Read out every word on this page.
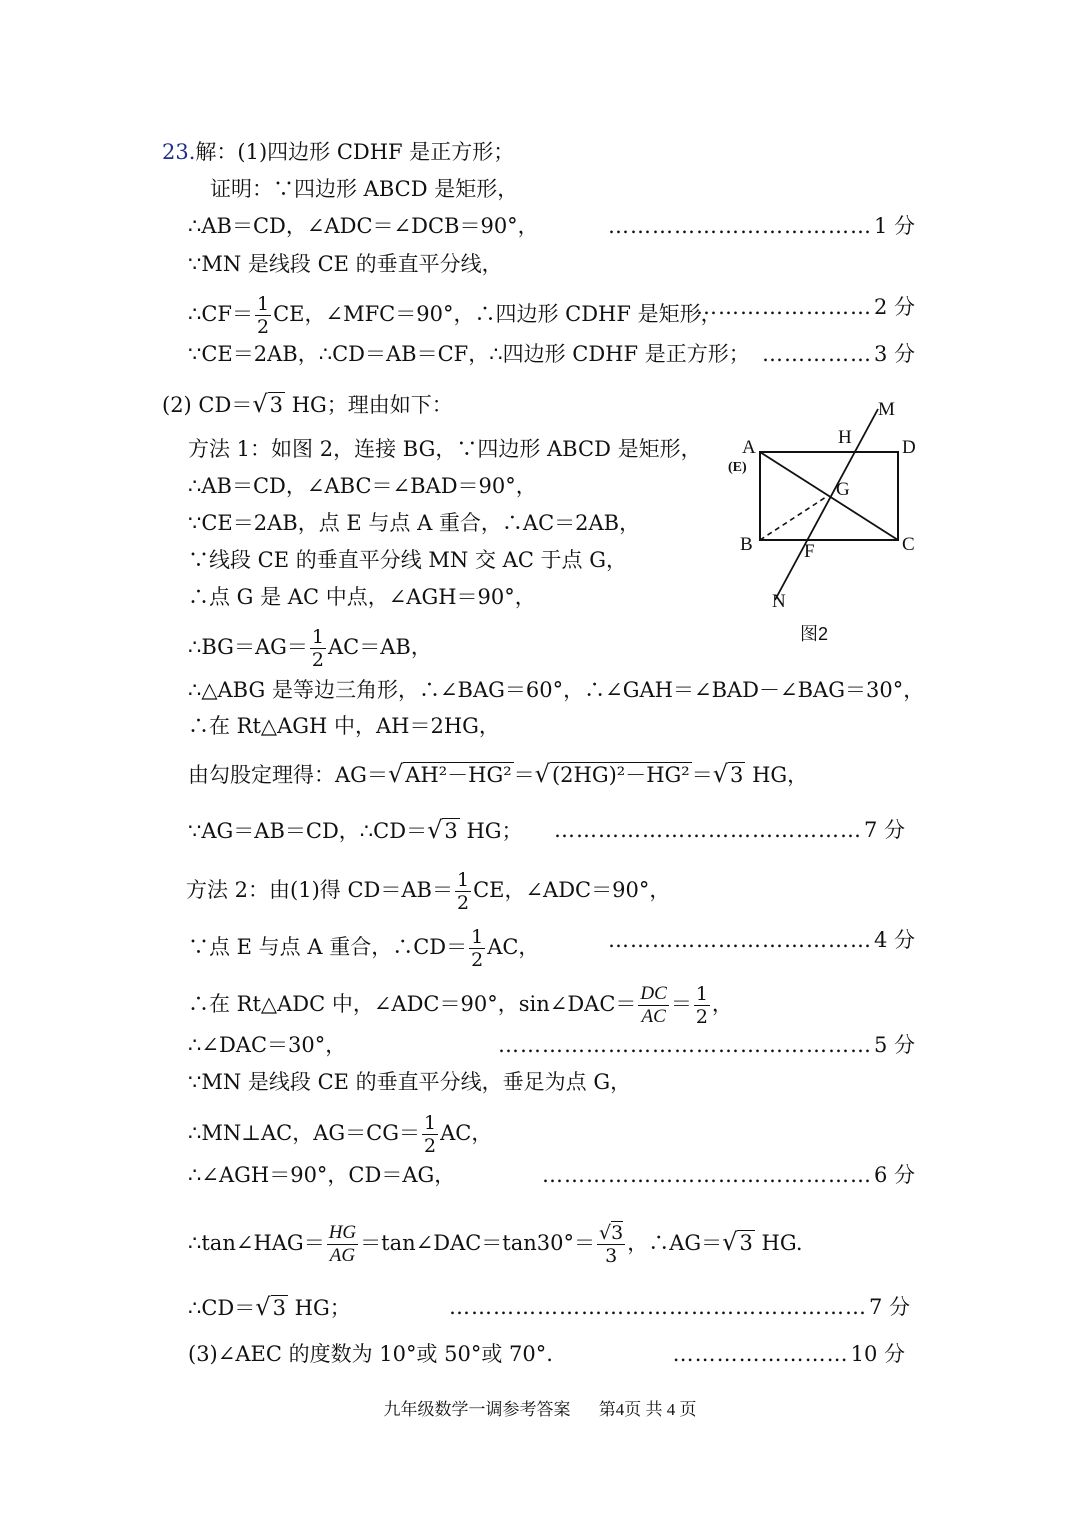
23.解：(1)四边形 CDHF 是正方形；
证明：∵四边形 ABCD 是矩形，
∴AB＝CD，∠ADC＝∠DCB＝90°，	………………………………1 分
∵MN 是线段 CE 的垂直平分线，
∴CF＝ $\frac{1}{2}$ CE，∠MFC＝90°，∴四边形 CDHF 是矩形，
……………………2 分
∵CE＝2AB，∴CD＝AB＝CF，∴四边形 CDHF 是正方形； ……………3 分
(2) CD＝√3 HG；理由如下：
方法 1：如图 2，连接 BG，∵四边形 ABCD 是矩形，
∴AB＝CD，∠ABC＝∠BAD＝90°，
∵CE＝2AB，点 E 与点 A 重合，∴AC＝2AB，
∵线段 CE 的垂直平分线 MN 交 AC 于点 G，
∴点 G 是 AC 中点，∠AGH＝90°，
∴BG＝AG＝ $\frac{1}{2} AC=AB$，
∴△ABG 是等边三角形，∴∠BAG＝60°，∴∠GAH＝∠BAD－∠BAG＝30°，
∴在 Rt△AGH 中，AH＝2HG，
由勾股定理得：AG＝√AH²－HG²＝√(2HG)²－HG²＝√3 HG，
∵AG＝AB＝CD，∴CD＝√3 HG； ……………………………………7 分
方法 2：由(1)得 $CD=AB= \frac{1}{2}$ CE，∠ADC＝90°，
∵点 E 与点 A 重合，∴CD＝ $\frac{1}{2}$ AC，	………………………………4 分
∴在 Rt△ADC 中，∠ADC＝90°，sin∠DAC＝ $\frac{DC}{AC} = \frac{1}{2}$ ，
∴∠DAC＝30°，	……………………………………………5 分
∵MN 是线段 CE 的垂直平分线，垂足为点 G，
∴MN⊥AC，$AG=CG= \frac{1}{2}$ AC，
∴∠AGH＝90°，CD＝AG，	………………………………………6 分
∴tan∠HAG＝ $\frac{HG}{AG}$ ＝tan∠DAC＝tan30°＝ $\frac{√3}{3}$ ，∴AG＝√3 HG.
∴CD＝√3 HG；	…………………………………………………7 分
(3)∠AEC 的度数为 10°或 50°或 70°.	……………………10 分
A
(E)
D
B	C
H
M
G
F
N
图2
九年级数学一调参考答案 第4页 共 4 页
